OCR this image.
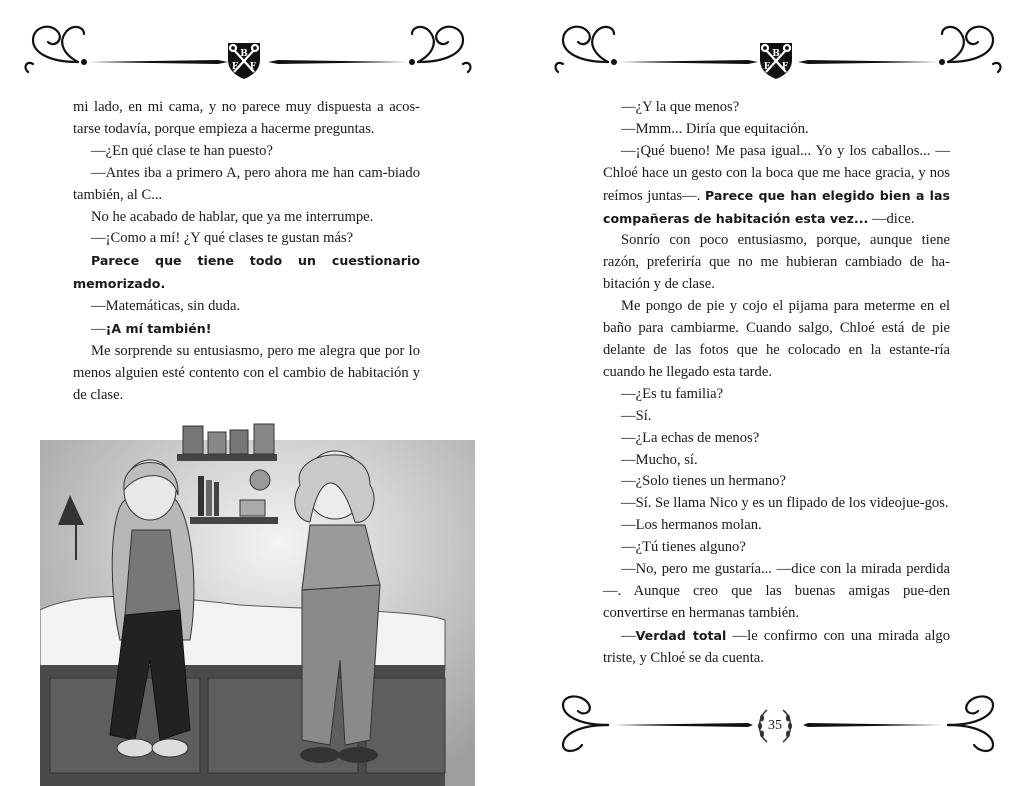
B
F F

mi lado, en mi cama, y no parece muy dispuesta a acos-tarse todavía, porque empieza a hacerme preguntas.

—¿En qué clase te han puesto?

—Antes iba a primero A, pero ahora me han cam-biado también, al C...

No he acabado de hablar, que ya me interrumpe.

—¡Como a mí! ¿Y qué clases te gustan más?

Parece que tiene todo un cuestionario memorizado.

—Matemáticas, sin duda.

—¡A mí también!

Me sorprende su entusiasmo, pero me alegra que por lo menos alguien esté contento con el cambio de habitación y de clase.

B
F F

—¿Y la que menos?

—Mmm... Diría que equitación.

—¡Qué bueno! Me pasa igual... Yo y los caballos... —Chloé hace un gesto con la boca que me hace gracia, y nos reímos juntas—. Parece que han elegido bien a las compañeras de habitación esta vez... —dice.

Sonrío con poco entusiasmo, porque, aunque tiene razón, preferiría que no me hubieran cambiado de ha-bitación y de clase.

Me pongo de pie y cojo el pijama para meterme en el baño para cambiarme. Cuando salgo, Chloé está de pie delante de las fotos que he colocado en la estante-ría cuando he llegado esta tarde.

—¿Es tu familia?

—Sí.

—¿La echas de menos?

—Mucho, sí.

—¿Solo tienes un hermano?

—Sí. Se llama Nico y es un flipado de los videojue-gos.

—Los hermanos molan.

—¿Tú tienes alguno?

—No, pero me gustaría... —dice con la mirada perdida—. Aunque creo que las buenas amigas pue-den convertirse en hermanas también.

—Verdad total —le confirmo con una mirada algo triste, y Chloé se da cuenta.

35
